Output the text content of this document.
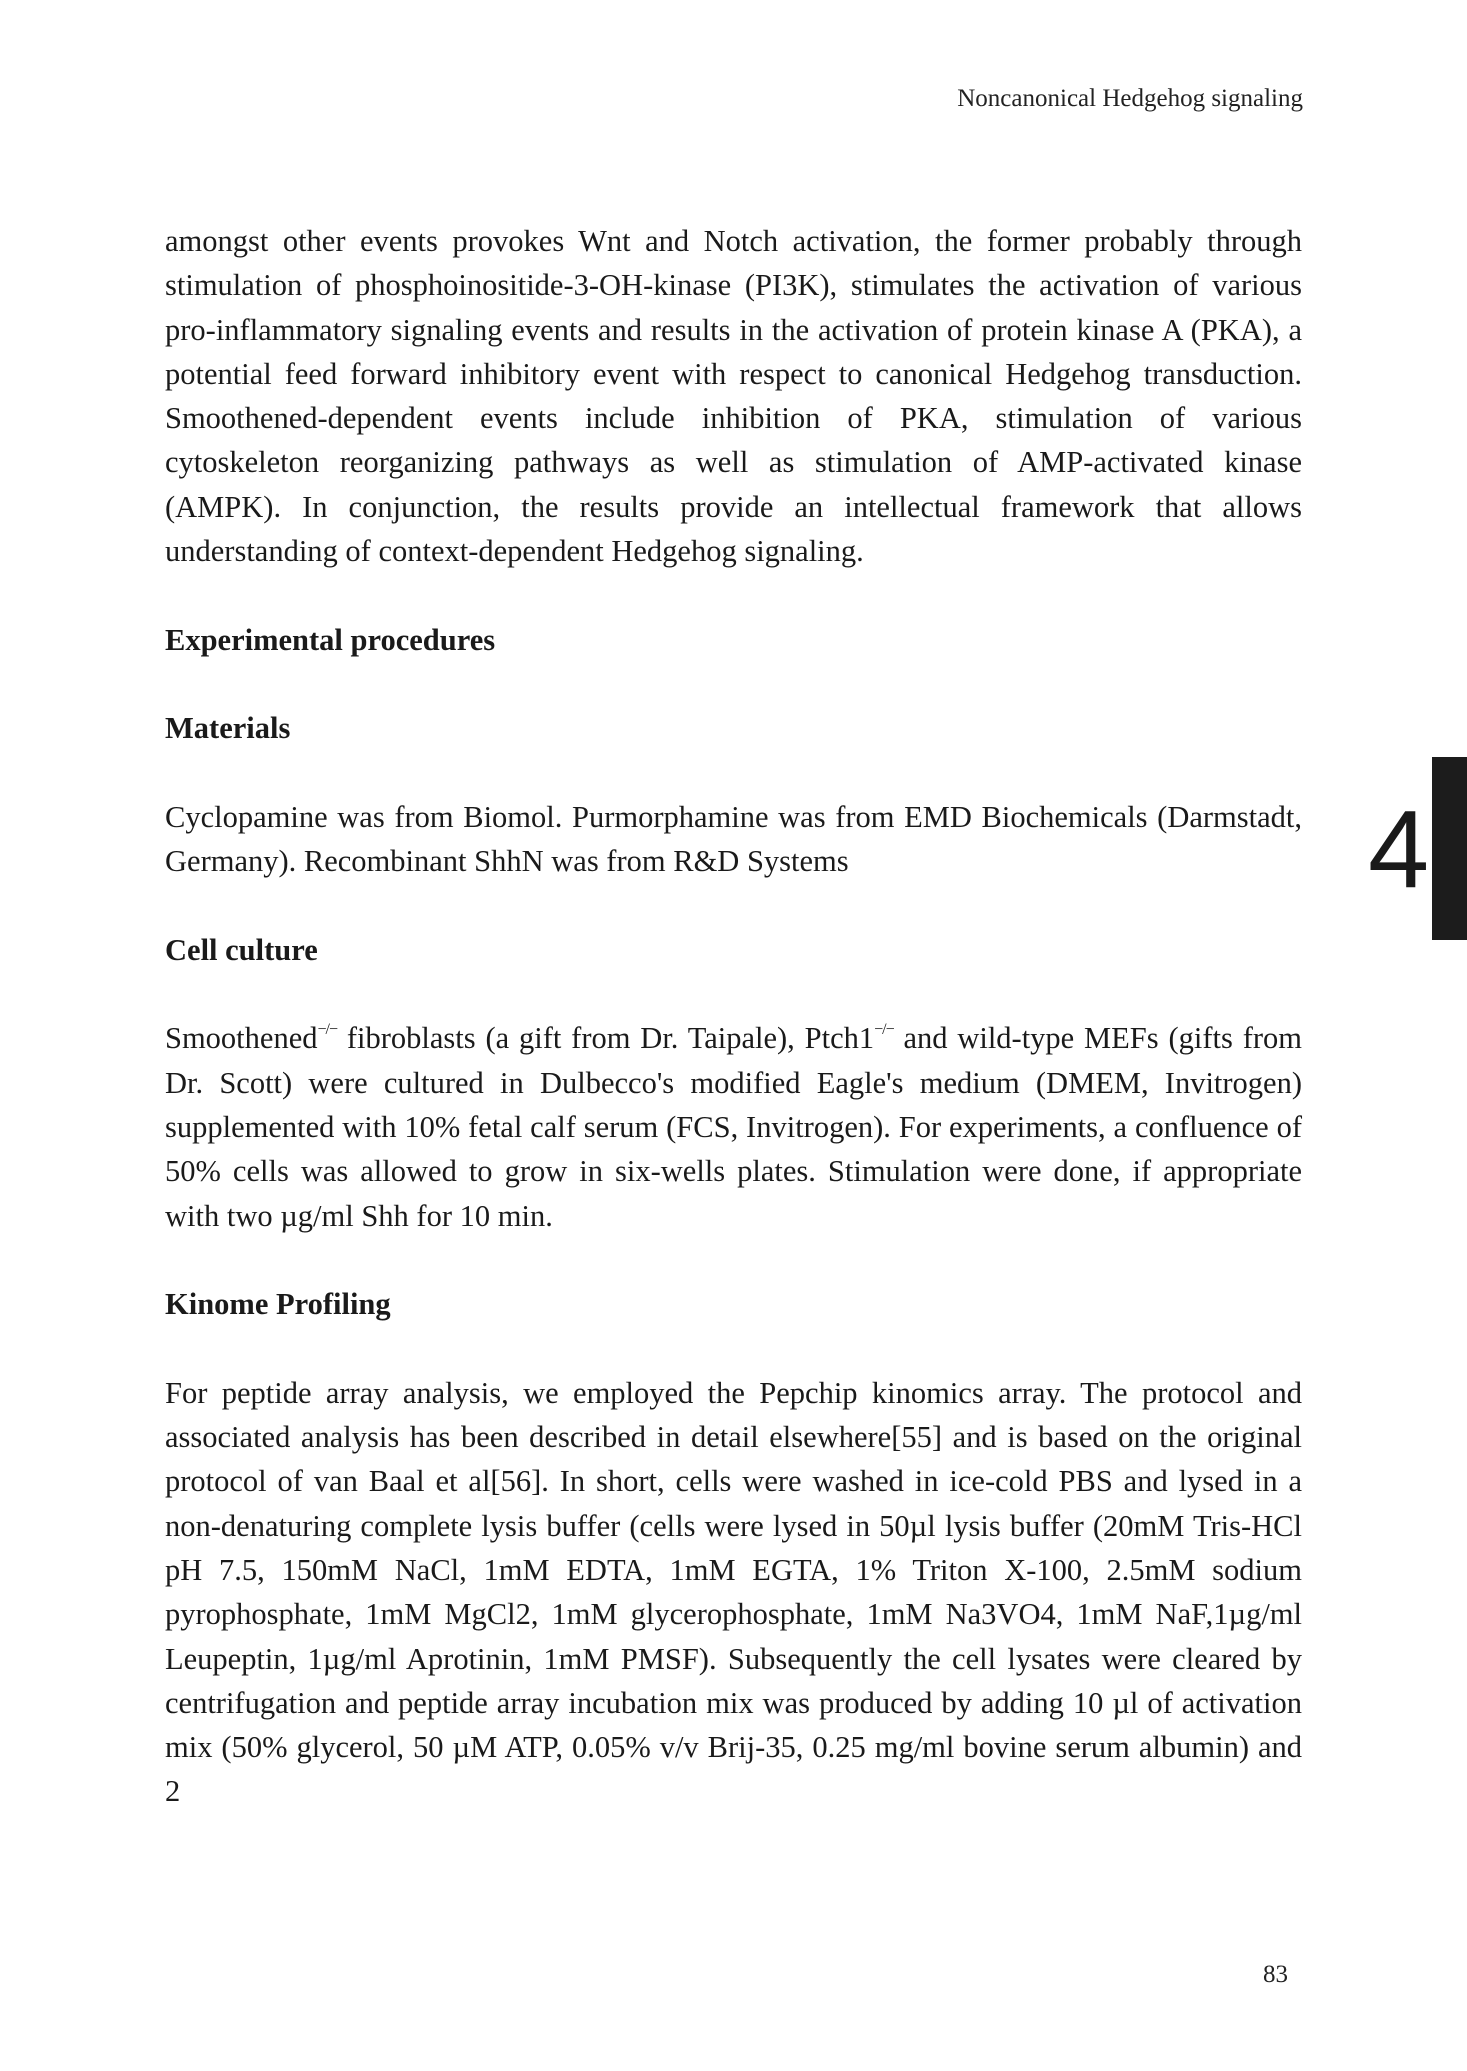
Noncanonical Hedgehog signaling
4

amongst other events provokes Wnt and Notch activation, the former probably through stimulation of phosphoinositide-3-OH-kinase (PI3K), stimulates the activation of various pro-inflammatory signaling events and results in the activation of protein kinase A (PKA), a potential feed forward inhibitory event with respect to canonical Hedgehog transduction. Smoothened-dependent events include inhibition of PKA, stimulation of various cytoskeleton reorganizing pathways as well as stimulation of AMP-activated kinase (AMPK). In conjunction, the results provide an intellectual framework that allows understanding of context-dependent Hedgehog signaling.

Experimental procedures
Materials

Cyclopamine was from Biomol. Purmorphamine was from EMD Biochemicals (Darmstadt, Germany). Recombinant ShhN was from R&D Systems

Cell culture

Smoothened−/− fibroblasts (a gift from Dr. Taipale), Ptch1−/− and wild-type MEFs (gifts from Dr. Scott) were cultured in Dulbecco's modified Eagle's medium (DMEM, Invitrogen) supplemented with 10% fetal calf serum (FCS, Invitrogen). For experiments, a confluence of 50% cells was allowed to grow in six-wells plates. Stimulation were done, if appropriate with two µg/ml Shh for 10 min.

Kinome Profiling

For peptide array analysis, we employed the Pepchip kinomics array. The protocol and associated analysis has been described in detail elsewhere[55] and is based on the original protocol of van Baal et al[56]. In short, cells were washed in ice-cold PBS and lysed in a non-denaturing complete lysis buffer (cells were lysed in 50µl lysis buffer (20mM Tris-HCl pH 7.5, 150mM NaCl, 1mM EDTA, 1mM EGTA, 1% Triton X-100, 2.5mM sodium pyrophosphate, 1mM MgCl2, 1mM glycerophosphate, 1mM Na3VO4, 1mM NaF,1µg/ml Leupeptin, 1µg/ml Aprotinin, 1mM PMSF). Subsequently the cell lysates were cleared by centrifugation and peptide array incubation mix was produced by adding 10 µl of activation mix (50% glycerol, 50 µM ATP, 0.05% v/v Brij-35, 0.25 mg/ml bovine serum albumin) and 2

83
